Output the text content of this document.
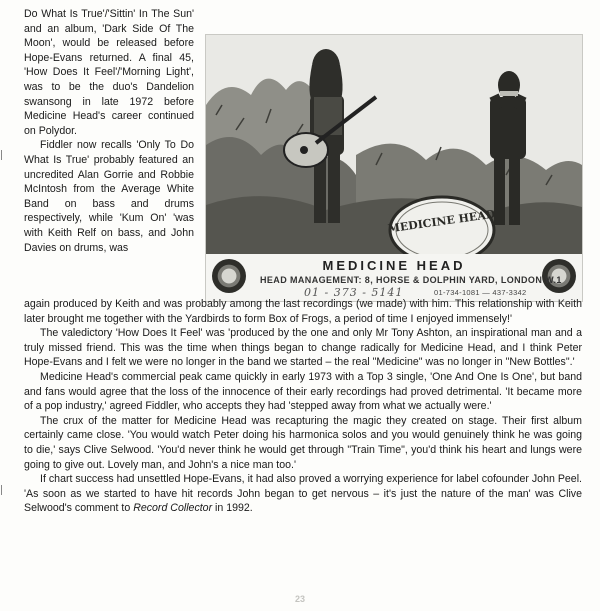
Do What Is True'/'Sittin' In The Sun' and an album, 'Dark Side Of The Moon', would be released before Hope-Evans returned. A final 45, 'How Does It Feel'/'Morning Light', was to be the duo's Dandelion swansong in late 1972 before Medicine Head's career continued on Polydor.

Fiddler now recalls 'Only To Do What Is True' probably featured an uncredited Alan Gorrie and Robbie McIntosh from the Average White Band on bass and drums respectively, while 'Kum On' 'was with Keith Relf on bass, and John Davies on drums, was

MEDICINE HEAD
MEDICINE HEAD
HEAD MANAGEMENT: 8, HORSE & DOLPHIN YARD, LONDON W.1
01 - 373 - 5141	01-734-1081 — 437-3342

again produced by Keith and was probably among the last recordings (we made) with him. This relationship with Keith later brought me together with the Yardbirds to form Box of Frogs, a period of time I enjoyed immensely!'

The valedictory 'How Does It Feel' was 'produced by the one and only Mr Tony Ashton, an inspirational man and a truly missed friend. This was the time when things began to change radically for Medicine Head, and I think Peter Hope-Evans and I felt we were no longer in the band we started – the real "Medicine" was no longer in "New Bottles".'

Medicine Head's commercial peak came quickly in early 1973 with a Top 3 single, 'One And One Is One', but band and fans would agree that the loss of the innocence of their early recordings had proved detrimental. 'It became more of a pop industry,' agreed Fiddler, who accepts they had 'stepped away from what we actually were.'

The crux of the matter for Medicine Head was recapturing the magic they created on stage. Their first album certainly came close. 'You would watch Peter doing his harmonica solos and you would genuinely think he was going to die,' says Clive Selwood. 'You'd never think he would get through "Train Time", you'd think his heart and lungs were going to give out. Lovely man, and John's a nice man too.'

If chart success had unsettled Hope-Evans, it had also proved a worrying experience for label cofounder John Peel. 'As soon as we started to have hit records John began to get nervous – it's just the nature of the man' was Clive Selwood's comment to Record Collector in 1992.

23
